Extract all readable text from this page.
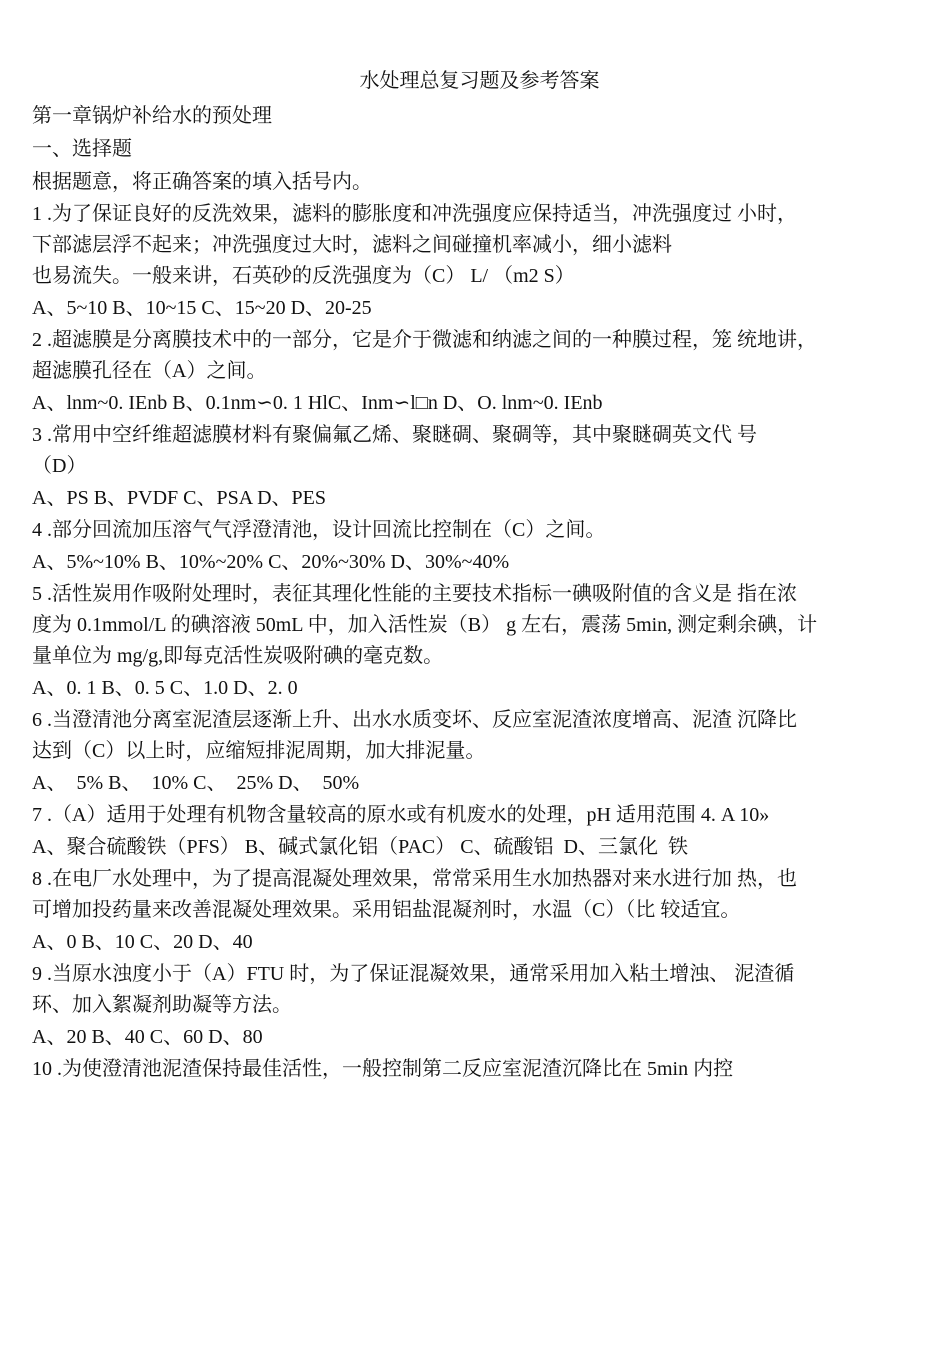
水处理总复习题及参考答案
第一章锅炉补给水的预处理
一、选择题
根据题意，将正确答案的填入括号内。
1 .为了保证良好的反洗效果，滤料的膨胀度和冲洗强度应保持适当，冲洗强度过 小时，
下部滤层浮不起来；冲洗强度过大时，滤料之间碰撞机率减小，细小滤料
也易流失。一般来讲，石英砂的反洗强度为（C） L/ （m2 S）
A、5~10 B、10~15 C、15~20 D、20-25
2 .超滤膜是分离膜技术中的一部分，它是介于微滤和纳滤之间的一种膜过程，笼 统地讲，
超滤膜孔径在（A）之间。
A、lnm~0. IEnb B、0.1nm∽0. 1 HlC、Inm∽l□n D、O. lnm~0. IEnb
3 .常用中空纤维超滤膜材料有聚偏氟乙烯、聚瞇碉、聚碉等，其中聚瞇碉英文代 号
（D）
A、PS B、PVDF C、PSA D、PES
4 .部分回流加压溶气气浮澄清池，设计回流比控制在（C）之间。
A、5%~10% B、10%~20% C、20%~30% D、30%~40%
5 .活性炭用作吸附处理时，表征其理化性能的主要技术指标一碘吸附值的含义是 指在浓
度为 0.1mmol/L 的碘溶液 50mL 中，加入活性炭（B） g 左右，震荡 5min, 测定剩余碘，计
量单位为 mg/g,即每克活性炭吸附碘的毫克数。
A、0. 1 B、0. 5 C、1.0 D、2. 0
6 .当澄清池分离室泥渣层逐渐上升、出水水质变坏、反应室泥渣浓度增高、泥渣 沉降比
达到（C）以上时，应缩短排泥周期，加大排泥量。
A、  5% B、  10% C、  25% D、  50%
7 .（A）适用于处理有机物含量较高的原水或有机废水的处理，pH 适用范围 4. A 10»
A、聚合硫酸铁（PFS） B、碱式氯化铝（PAC） C、硫酸铝  D、三氯化  铁
8 .在电厂水处理中，为了提高混凝处理效果，常常采用生水加热器对来水进行加 热，也
可增加投药量来改善混凝处理效果。采用铝盐混凝剂时，水温（C）（比 较适宜。
A、0 B、10 C、20 D、40
9 .当原水浊度小于（A）FTU 时，为了保证混凝效果，通常采用加入粘土增浊、 泥渣循
环、加入絮凝剂助凝等方法。
A、20 B、40 C、60 D、80
10 .为使澄清池泥渣保持最佳活性，一般控制第二反应室泥渣沉降比在 5min 内控
